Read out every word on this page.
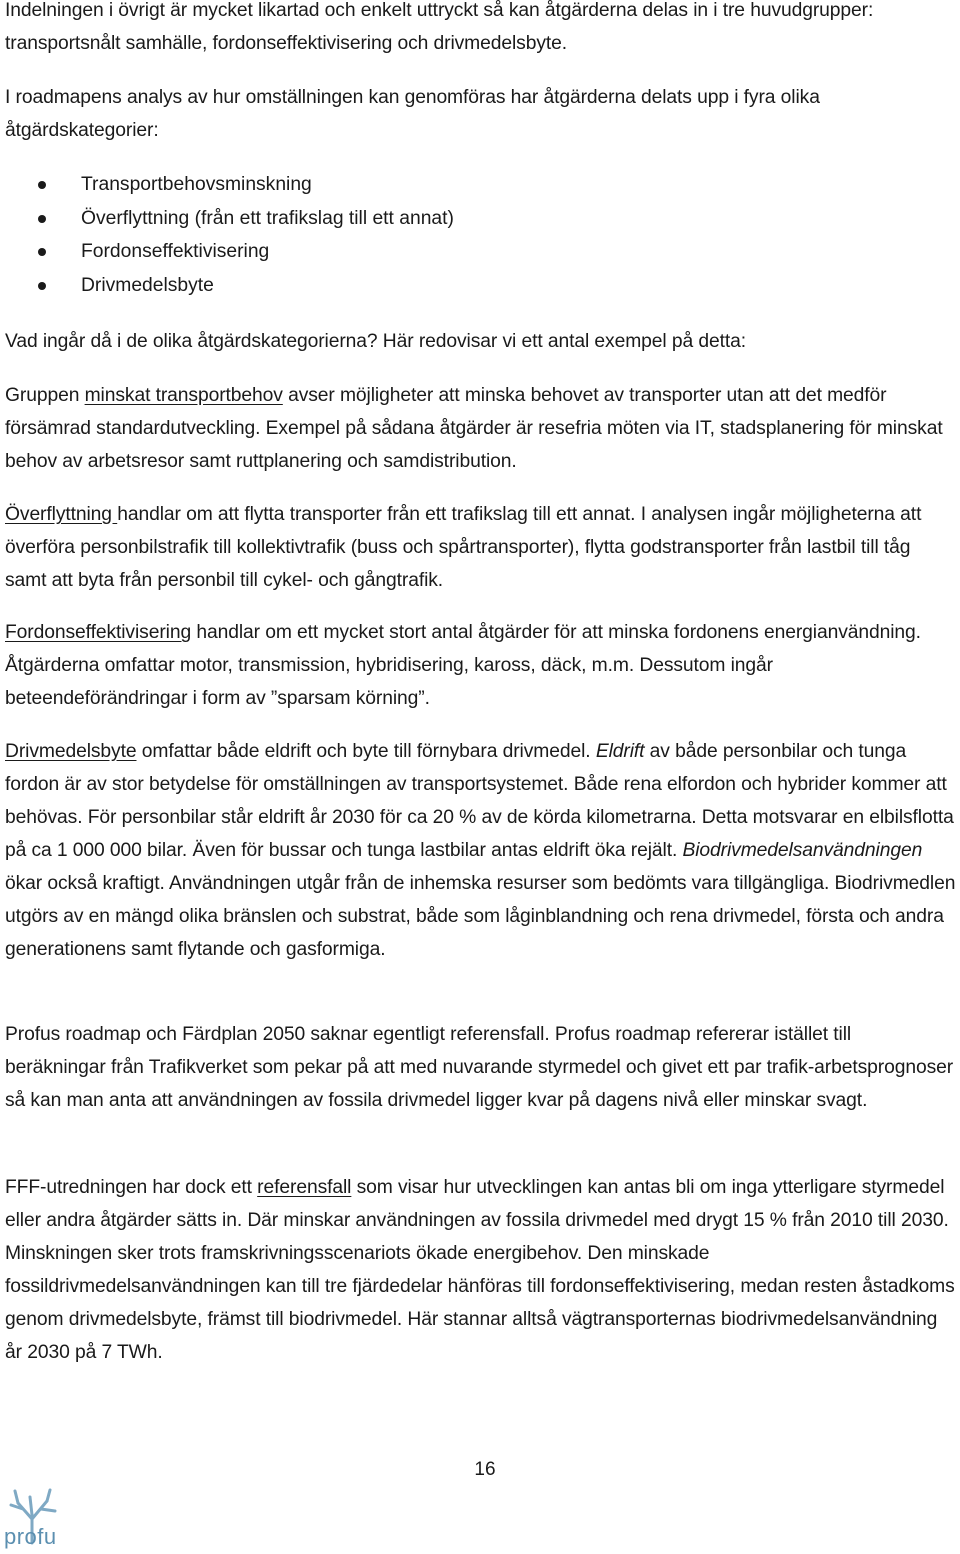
Indelningen i övrigt är mycket likartad och enkelt uttryckt så kan åtgärderna delas in i tre huvudgrupper: transportsnålt samhälle, fordonseffektivisering och drivmedelsbyte.

I roadmapens analys av hur omställningen kan genomföras har åtgärderna delats upp i fyra olika åtgärdskategorier:

Transportbehovsminskning
Överflyttning (från ett trafikslag till ett annat)
Fordonseffektivisering
Drivmedelsbyte

Vad ingår då i de olika åtgärdskategorierna? Här redovisar vi ett antal exempel på detta:

Gruppen minskat transportbehov avser möjligheter att minska behovet av transporter utan att det medför försämrad standardutveckling. Exempel på sådana åtgärder är resefria möten via IT, stadsplanering för minskat behov av arbetsresor samt ruttplanering och samdistribution.

Överflyttning handlar om att flytta transporter från ett trafikslag till ett annat. I analysen ingår möjligheterna att överföra personbilstrafik till kollektivtrafik (buss och spårtransporter), flytta godstransporter från lastbil till tåg samt att byta från personbil till cykel- och gångtrafik.

Fordonseffektivisering handlar om ett mycket stort antal åtgärder för att minska fordonens energianvändning. Åtgärderna omfattar motor, transmission, hybridisering, kaross, däck, m.m. Dessutom ingår beteendeförändringar i form av ”sparsam körning”.

Drivmedelsbyte omfattar både eldrift och byte till förnybara drivmedel. Eldrift av både personbilar och tunga fordon är av stor betydelse för omställningen av transportsystemet. Både rena elfordon och hybrider kommer att behövas. För personbilar står eldrift år 2030 för ca 20 % av de körda kilometrarna. Detta motsvarar en elbilsflotta på ca 1 000 000 bilar. Även för bussar och tunga lastbilar antas eldrift öka rejält. Biodrivmedelsanvändningen ökar också kraftigt. Användningen utgår från de inhemska resurser som bedömts vara tillgängliga. Biodrivmedlen utgörs av en mängd olika bränslen och substrat, både som låginblandning och rena drivmedel, första och andra generationens samt flytande och gasformiga.

Profus roadmap och Färdplan 2050 saknar egentligt referensfall. Profus roadmap refererar istället till beräkningar från Trafikverket som pekar på att med nuvarande styrmedel och givet ett par trafik-arbetsprognoser så kan man anta att användningen av fossila drivmedel ligger kvar på dagens nivå eller minskar svagt.

FFF-utredningen har dock ett referensfall som visar hur utvecklingen kan antas bli om inga ytterligare styrmedel eller andra åtgärder sätts in. Där minskar användningen av fossila drivmedel med drygt 15 % från 2010 till 2030. Minskningen sker trots framskrivningsscenariots ökade energibehov. Den minskade fossildrivmedelsanvändningen kan till tre fjärdedelar hänföras till fordonseffektivisering, medan resten åstadkoms genom drivmedelsbyte, främst till biodrivmedel. Här stannar alltså vägtransporternas biodrivmedelsanvändning år 2030 på 7 TWh.

16
profu
